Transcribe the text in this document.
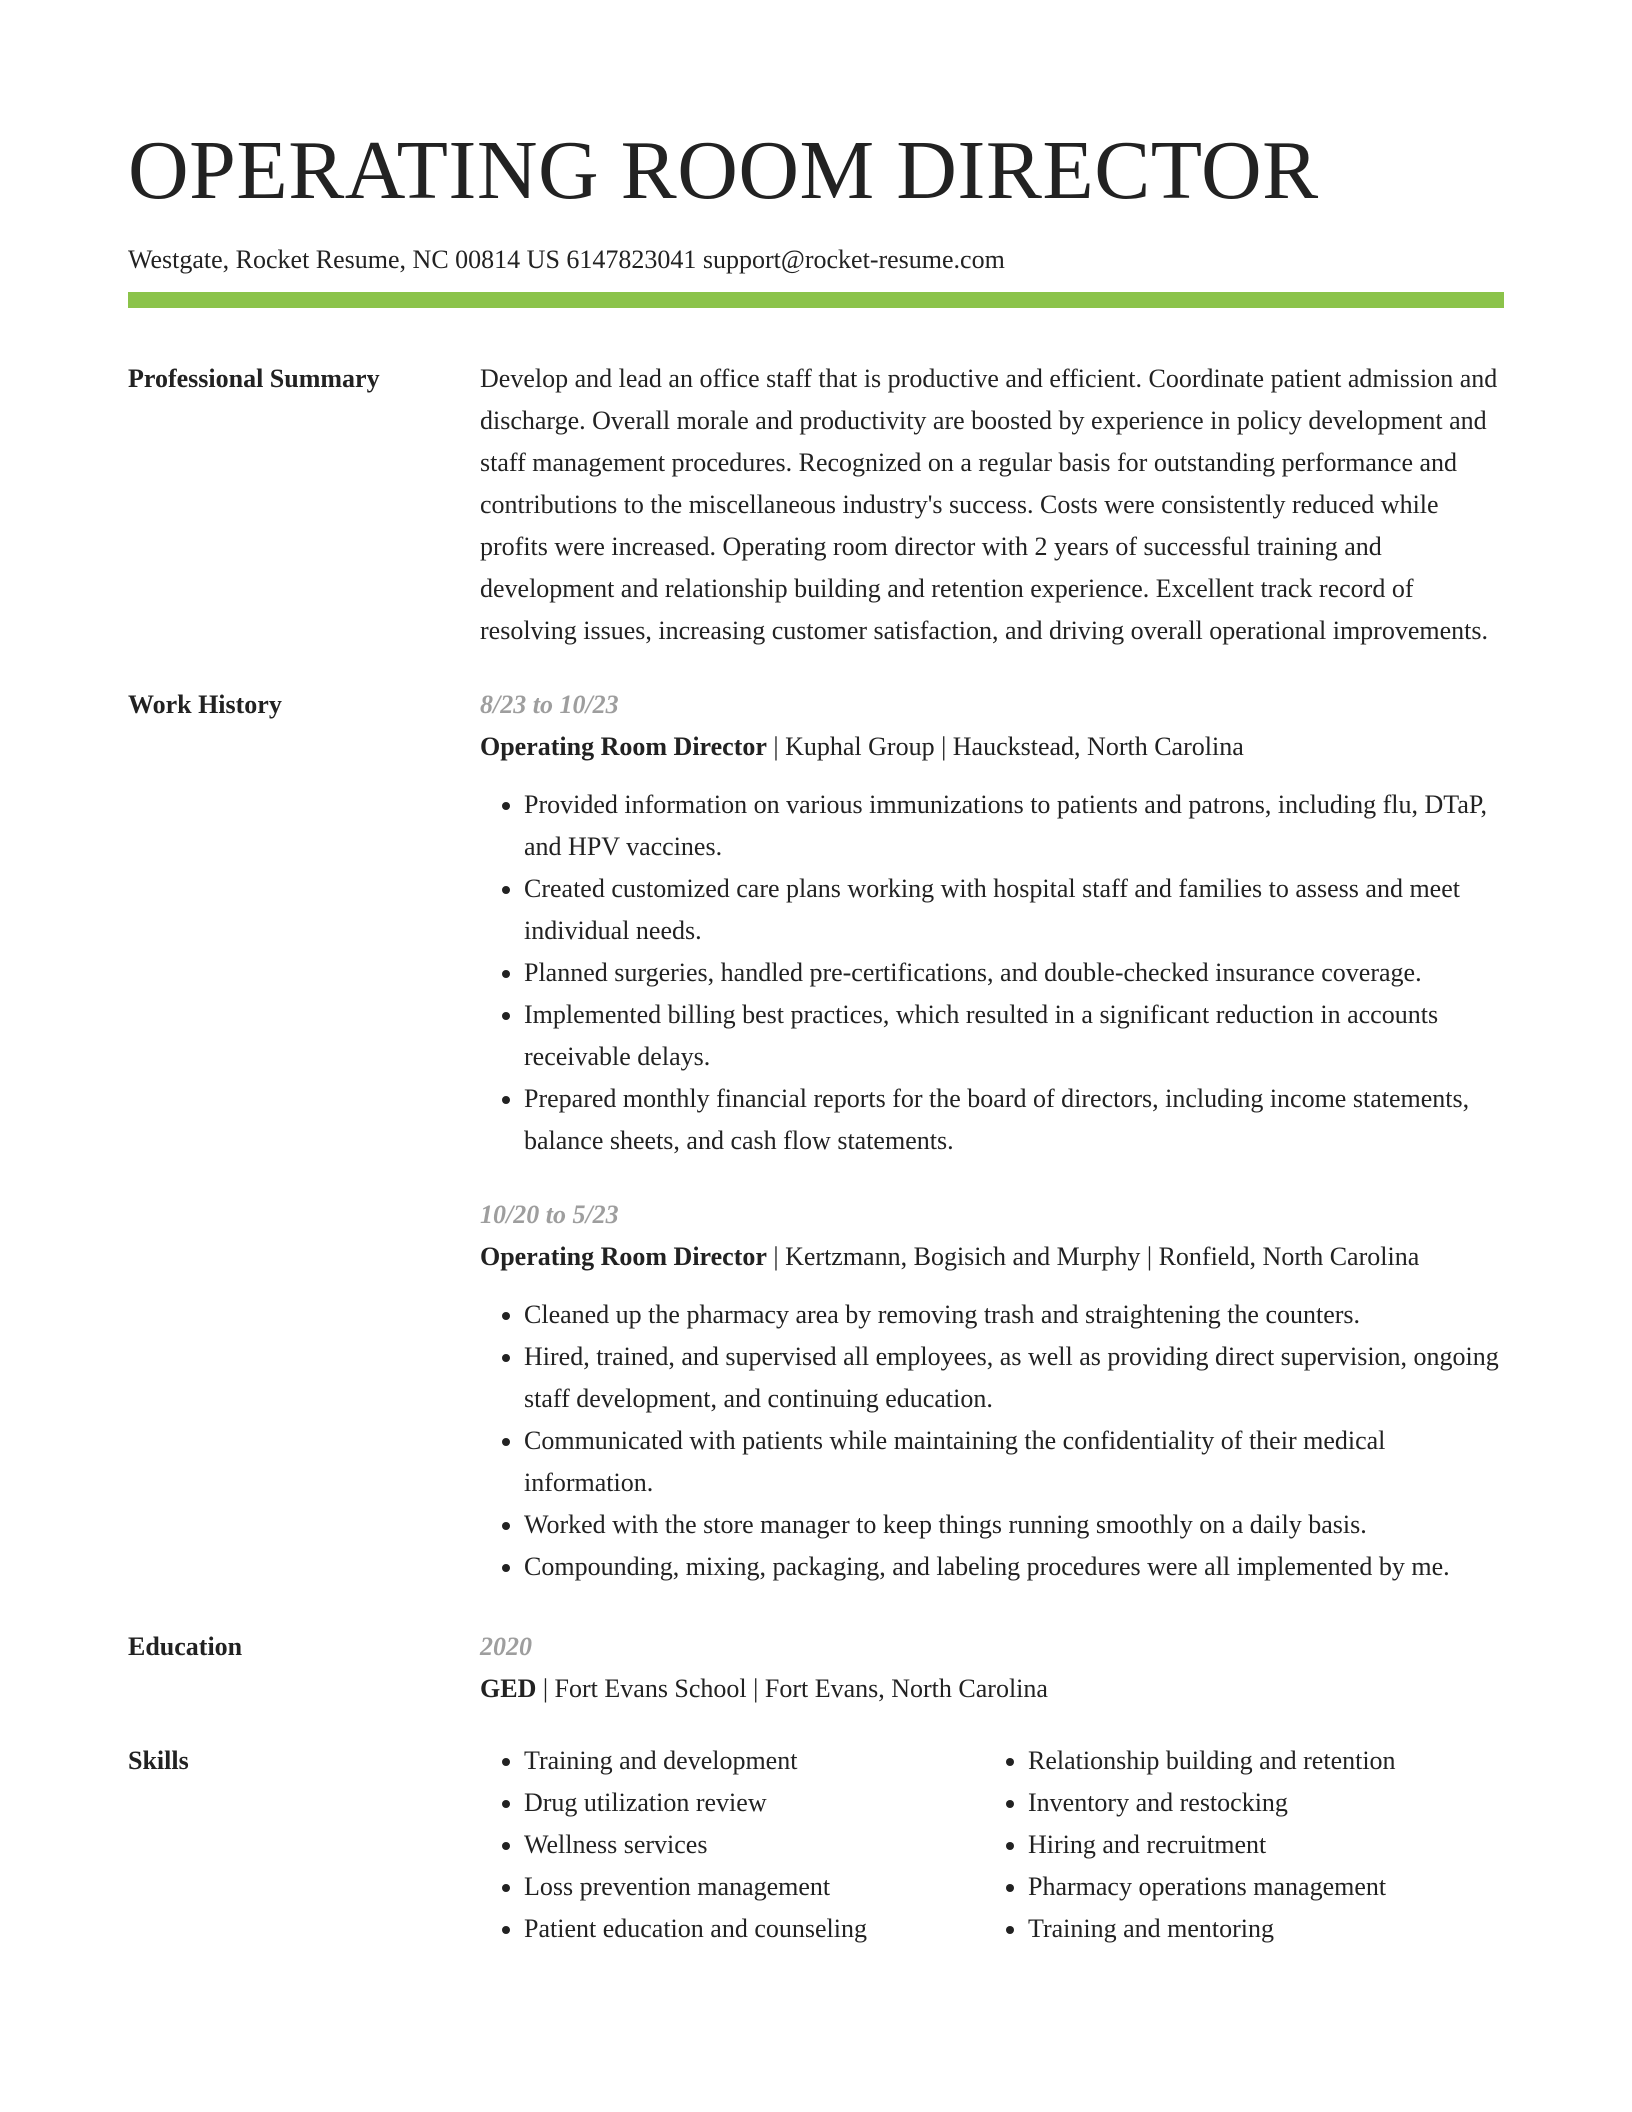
OPERATING ROOM DIRECTOR
Westgate, Rocket Resume, NC 00814 US 6147823041 support@rocket-resume.com
Professional Summary	Develop and lead an office staff that is productive and efficient. Coordinate patient admission and discharge. Overall morale and productivity are boosted by experience in policy development and staff management procedures. Recognized on a regular basis for outstanding performance and contributions to the miscellaneous industry's success. Costs were consistently reduced while profits were increased. Operating room director with 2 years of successful training and development and relationship building and retention experience. Excellent track record of resolving issues, increasing customer satisfaction, and driving overall operational improvements.
Work History	8/23 to 10/23
Operating Room Director | Kuphal Group | Hauckstead, North Carolina
• Provided information on various immunizations to patients and patrons, including flu, DTaP, and HPV vaccines.
• Created customized care plans working with hospital staff and families to assess and meet individual needs.
• Planned surgeries, handled pre-certifications, and double-checked insurance coverage.
• Implemented billing best practices, which resulted in a significant reduction in accounts receivable delays.
• Prepared monthly financial reports for the board of directors, including income statements, balance sheets, and cash flow statements.
10/20 to 5/23
Operating Room Director | Kertzmann, Bogisich and Murphy | Ronfield, North Carolina
• Cleaned up the pharmacy area by removing trash and straightening the counters.
• Hired, trained, and supervised all employees, as well as providing direct supervision, ongoing staff development, and continuing education.
• Communicated with patients while maintaining the confidentiality of their medical information.
• Worked with the store manager to keep things running smoothly on a daily basis.
• Compounding, mixing, packaging, and labeling procedures were all implemented by me.
Education	2020
GED | Fort Evans School | Fort Evans, North Carolina
Skills
•	Training and development
• Drug utilization review
• Wellness services
• Loss prevention management
• Patient education and counseling
• Relationship building and retention
• Inventory and restocking
• Hiring and recruitment
• Pharmacy operations management
• Training and mentoring
